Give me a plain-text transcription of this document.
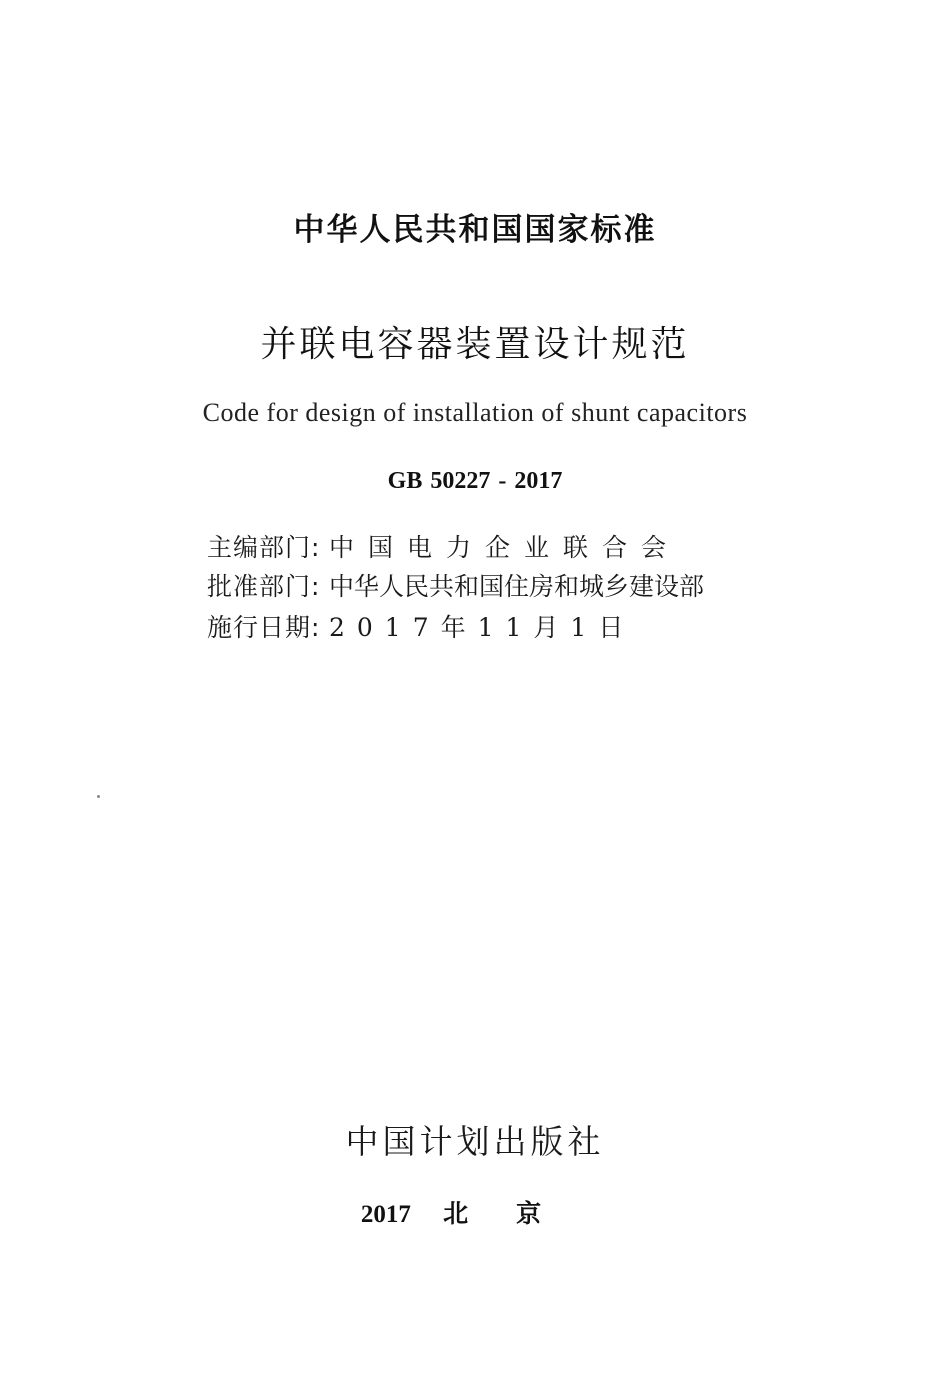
中华人民共和国国家标准
并联电容器装置设计规范
Code for design of installation of shunt capacitors
GB 50227 - 2017
主编部门: 中国电力企业联合会
批准部门: 中华人民共和国住房和城乡建设部
施行日期: 2017年11月1日
中国计划出版社
2017 北京
